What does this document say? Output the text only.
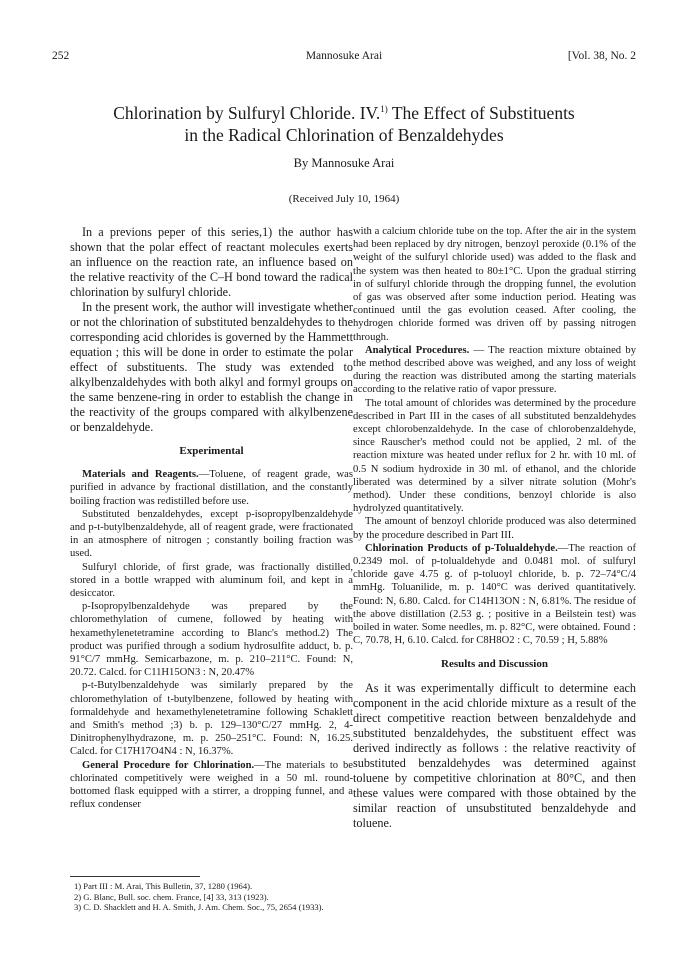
252	Mannosuke Arai	[Vol. 38, No. 2
Chlorination by Sulfuryl Chloride. IV.$^{1)}$ The Effect of Substituents
in the Radical Chlorination of Benzaldehydes
By Mannosuke Arai
(Received July 10, 1964)

In a previons peper of this series,1) the author has shown that the polar effect of reactant molecules exerts an influence on the reaction rate, an influence based on the relative reactivity of the C–H bond toward the radical chlorination by sulfuryl chloride.

In the present work, the author will investigate whether or not the chlorination of substituted benzaldehydes to the corresponding acid chlorides is governed by the Hammett equation ; this will be done in order to estimate the polar effect of substituents. The study was extended to alkylbenzaldehydes with both alkyl and formyl groups on the same benzene-ring in order to establish the change in the reactivity of the groups compared with alkylbenzene or benzaldehyde.

Experimental

Materials and Reagents.—Toluene, of reagent grade, was purified in advance by fractional distillation, and the constantly boiling fraction was redistilled before use.

Substituted benzaldehydes, except p-isopropylbenzaldehyde and p-t-butylbenzaldehyde, all of reagent grade, were fractionated in an atmosphere of nitrogen ; constantly boiling fraction was used.

Sulfuryl chloride, of first grade, was fractionally distilled, stored in a bottle wrapped with aluminum foil, and kept in a desiccator.

p-Isopropylbenzaldehyde was prepared by the chloromethylation of cumene, followed by heating with hexamethylenetetramine according to Blanc's method.2) The product was purified through a sodium hydrosulfite adduct, b. p. 91°C/7 mmHg. Semicarbazone, m. p. 210–211°C. Found: N, 20.72. Calcd. for C11H15ON3 : N, 20.47%

p-t-Butylbenzaldehyde was similarly prepared by the chloromethylation of t-butylbenzene, followed by heating with formaldehyde and hexamethylenetetramine following Schaklett and Smith's method ;3) b. p. 129–130°C/27 mmHg. 2, 4-Dinitrophenylhydrazone, m. p. 250–251°C. Found: N, 16.25. Calcd. for C17H17O4N4 : N, 16.37%.

General Procedure for Chlorination.—The materials to be chlorinated competitively were weighed in a 50 ml. round-bottomed flask equipped with a stirrer, a dropping funnel, and a reflux condenser

with a calcium chloride tube on the top. After the air in the system had been replaced by dry nitrogen, benzoyl peroxide (0.1% of the weight of the sulfuryl chloride used) was added to the flask and the system was then heated to 80±1°C. Upon the gradual stirring in of sulfuryl chloride through the dropping funnel, the evolution of gas was observed after some induction period. Heating was continued until the gas evolution ceased. After cooling, the hydrogen chloride formed was driven off by passing nitrogen through.

Analytical Procedures. — The reaction mixture obtained by the method described above was weighed, and any loss of weight during the reaction was distributed among the starting materials according to the relative ratio of vapor pressure.

The total amount of chlorides was determined by the procedure described in Part III in the cases of all substituted benzaldehydes except chlorobenzaldehyde. In the case of chlorobenzaldehyde, since Rauscher's method could not be applied, 2 ml. of the reaction mixture was heated under reflux for 2 hr. with 10 ml. of 0.5 N sodium hydroxide in 30 ml. of ethanol, and the chloride liberated was determined by a silver nitrate solution (Mohr's method). Under these conditions, benzoyl chloride is also hydrolyzed quantitatively.

The amount of benzoyl chloride produced was also determined by the procedure described in Part III.

Chlorination Products of p-Tolualdehyde.—The reaction of 0.2349 mol. of p-tolualdehyde and 0.0481 mol. of sulfuryl chloride gave 4.75 g. of p-toluoyl chloride, b. p. 72–74°C/4 mmHg. Toluanilide, m. p. 140°C was derived quantitatively. Found: N, 6.80. Calcd. for C14H13ON : N, 6.81%. The residue of the above distillation (2.53 g. ; positive in a Beilstein test) was boiled in water. Some needles, m. p. 82°C, were obtained. Found : C, 70.78, H, 6.10. Calcd. for C8H8O2 : C, 70.59 ; H, 5.88%

Results and Discussion

As it was experimentally difficult to determine each component in the acid chloride mixture as a result of the direct competitive reaction between benzaldehyde and substituted benzaldehydes, the substituent effect was derived indirectly as follows : the relative reactivity of substituted benzaldehydes was determined against toluene by competitive chlorination at 80°C, and then these values were compared with those obtained by the similar reaction of unsubstituted benzaldehyde and toluene.

1) Part III : M. Arai, This Bulletin, 37, 1280 (1964).

2) G. Blanc, Bull. soc. chem. France, [4] 33, 313 (1923).

3) C. D. Shacklett and H. A. Smith, J. Am. Chem. Soc., 75, 2654 (1933).
